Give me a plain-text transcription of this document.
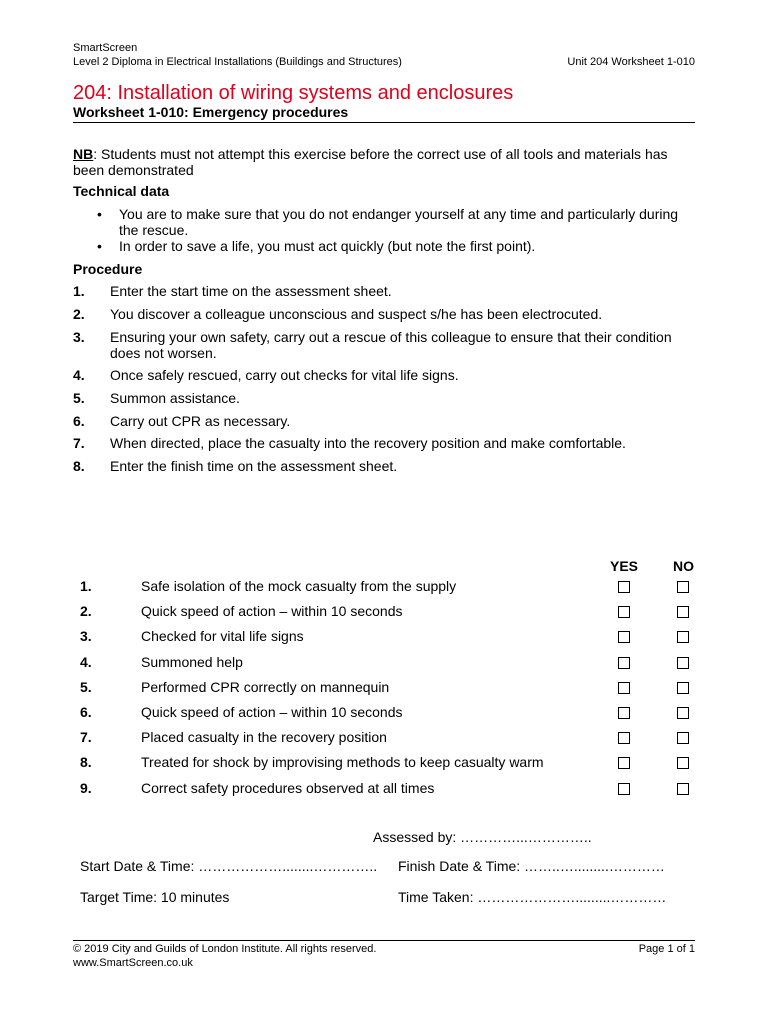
SmartScreen
Level 2 Diploma in Electrical Installations (Buildings and Structures)	Unit 204 Worksheet 1-010
204: Installation of wiring systems and enclosures
Worksheet 1-010: Emergency procedures
NB: Students must not attempt this exercise before the correct use of all tools and materials has been demonstrated
Technical data
• You are to make sure that you do not endanger yourself at any time and particularly during the rescue.
• In order to save a life, you must act quickly (but note the first point).
Procedure
1. Enter the start time on the assessment sheet.
2. You discover a colleague unconscious and suspect s/he has been electrocuted.
3. Ensuring your own safety, carry out a rescue of this colleague to ensure that their condition does not worsen.
4. Once safely rescued, carry out checks for vital life signs.
5. Summon assistance.
6. Carry out CPR as necessary.
7. When directed, place the casualty into the recovery position and make comfortable.
8. Enter the finish time on the assessment sheet.
YES NO
1.	Safe isolation of the mock casualty from the supply
2.	Quick speed of action – within 10 seconds
3.	Checked for vital life signs
4.	Summoned help
5.	Performed CPR correctly on mannequin
6.	Quick speed of action – within 10 seconds
7.	Placed casualty in the recovery position
8.	Treated for shock by improvising methods to keep casualty warm
9.	Correct safety procedures observed at all times
Assessed by: …………...…………..
Start Date & Time: ………………........………….. Finish Date & Time: ……..….........…………
Target Time: 10 minutes	Time Taken: ………………….........…………
© 2019 City and Guilds of London Institute. All rights reserved.	Page 1 of 1
www.SmartScreen.co.uk
